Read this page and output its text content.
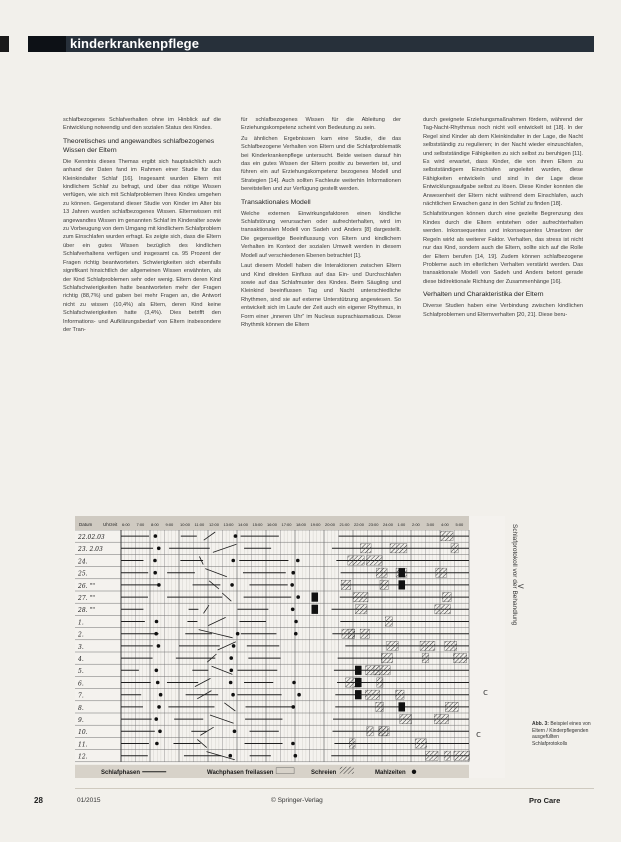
kinderkrankenpflege

schlafbezogenes Schlafverhalten ohne im Hinblick auf die Entwicklung notwendig und den sozialen Status des Kindes.

Theoretisches und angewandtes schlafbezogenes Wissen der Eltern

Die Kenntnis dieses Themas ergibt sich hauptsächlich auch anhand der Daten fand im Rahmen einer Studie für das Kleinkindalter Schlaf [16]. Insgesamt wurden Eltern mit kindlichem Schlaf zu befragt, und über das nötige Wissen verfügen, wie sich mit Schlafproblemen Ihres Kindes umgehen zu können. Gegenstand dieser Studie von Kinder im Alter bis 13 Jahren wurden schlafbezogenes Wissen. Elternwissen mit angewandtes Wissen im genannten Schlaf im Kinderalter sowie zu Vorbeugung von dem Umgang mit kindlichem Schlafproblem zum Einschlafen wurden erfragt. Es zeigte sich, dass die Eltern über ein gutes Wissen bezüglich des kindlichen Schlafverhaltens verfügen und insgesamt ca. 95 Prozent der Fragen richtig beantworteten. Schwierigkeiten sich ebenfalls signifikant hinsichtlich der allgemeinen Wissen erwähnten, als der Kind Schlafproblemen sehr oder wenig. Eltern deren Kind Schlafschwierigkeiten hatte beantworteten mehr der Fragen richtig (88,7%) und gaben bei mehr Fragen an, die Antwort nicht zu wissen (10,4%) als Eltern, deren Kind keine Schlafschwierigkeiten hatte (3,4%). Dies betrifft den Informations- und Aufklärungsbedarf von Eltern insbesondere der Tran-

für schlafbezogenes Wissen für die Ableitung der Erziehungskompetenz scheint von Bedeutung zu sein.

Zu ähnlichen Ergebnissen kam eine Studie, die das Schlafbezogene Verhalten von Eltern und die Schlafproblematik bei Kinderkrankenpflege untersucht. Beide weisen darauf hin das ein gutes Wissen der Eltern positiv zu bewerten ist, und führen ein auf Erziehungskompetenz bezogenes Modell und Strategien [14]. Auch sollten Fachleute weiterhin Informationen bereitstellen und zur Verfügung gestellt werden.

Transaktionales Modell

Welche externen Einwirkungsfaktoren einen kindliche Schlafstörung verursachen oder aufrechterhalten, wird im transaktionalen Modell von Sadeh und Anders [8] dargestellt. Die gegenseitige Beeinflussung von Eltern und kindlichem Verhalten im Kontext der sozialen Umwelt werden in diesem Modell auf verschiedenen Ebenen betrachtet [1].

Laut diesem Modell haben die Interaktionen zwischen Eltern und Kind direkten Einfluss auf das Ein- und Durchschlafen sowie auf das Schlafmuster des Kindes. Beim Säugling und Kleinkind beeinflussen Tag und Nacht unterschiedliche Rhythmen, sind sie auf externe Unterstützung angewiesen. So entwickelt sich im Laufe der Zeit auch ein eigener Rhythmus, in Form einer „inneren Uhr“ im Nucleus suprachiasmaticus. Diese Rhythmik können die Eltern

durch geeignete Erziehungsmaßnahmen fördern, während der Tag-Nacht-Rhythmus noch nicht voll entwickelt ist [18]. In der Regel sind Kinder ab dem Kleinkindalter in der Lage, die Nacht selbstständig zu regulieren; in der Nacht wieder einzuschlafen, und selbstständige Fähigkeiten zu sich selbst zu beruhigen [11]. Es wird erwartet, dass Kinder, die von ihren Eltern zu selbstständigem Einschlafen angeleitet wurden, diese Fähigkeiten entwickeln und sind in der Lage diese Entwicklungsaufgabe selbst zu lösen. Diese Kinder konnten die Anwesenheit der Eltern nicht während dem Einschlafen, auch nächtlichen Erwachen ganz in den Schlaf zu finden [18].

Schlafstörungen können durch eine gezielte Begrenzung des Kindes durch die Eltern entstehen oder aufrechterhalten werden. Inkonsequentes und inkonsequentes Umsetzen der Regeln wirkt als weiterer Faktor. Verhalten, das stress ist nicht nur das Kind, sondern auch die Eltern, sollte sich auf die Rolle der Eltern berufen [14, 19]. Zudem können schlafbezogene Probleme auch im elterlichen Verhalten verstärkt werden. Das transaktionale Modell von Sadeh und Anders betont gerade diese bidirektionale Richtung der Zusammenhänge [16].

Verhalten und Charakteristika der Eltern

Diverse Studien haben eine Verbindung zwischen kindlichen Schlafproblemen und Elternverhalten [20, 21]. Diese beru-

Datum Uhrzeit 6:00 7:00 8:00 9:00 10:00 11:00 12:00 13:00 14:00 15:00 16:00 17:00 18:00 19:00 20:00 21:00 22:00 23:00 24:00 1:00 2:00 3:00 4:00 5:00
22.02.03
23. 2.03
24.
25.
26. ""
27. ""
28. ""
1.
2.
3.
4.
5.
6.
7.
8.
9.
10.
11.
12.
Schlafphasen	Wachphasen freilassen	Schreien	Mahlzeiten
Schlafprotokoll vor der Behandlung <
c
c
Abb. 3: Beispiel eines von Eltern / Kinderpflegenden ausgefüllten Schlafprotokolls
28	01/2015	© Springer-Verlag	Pro Care
